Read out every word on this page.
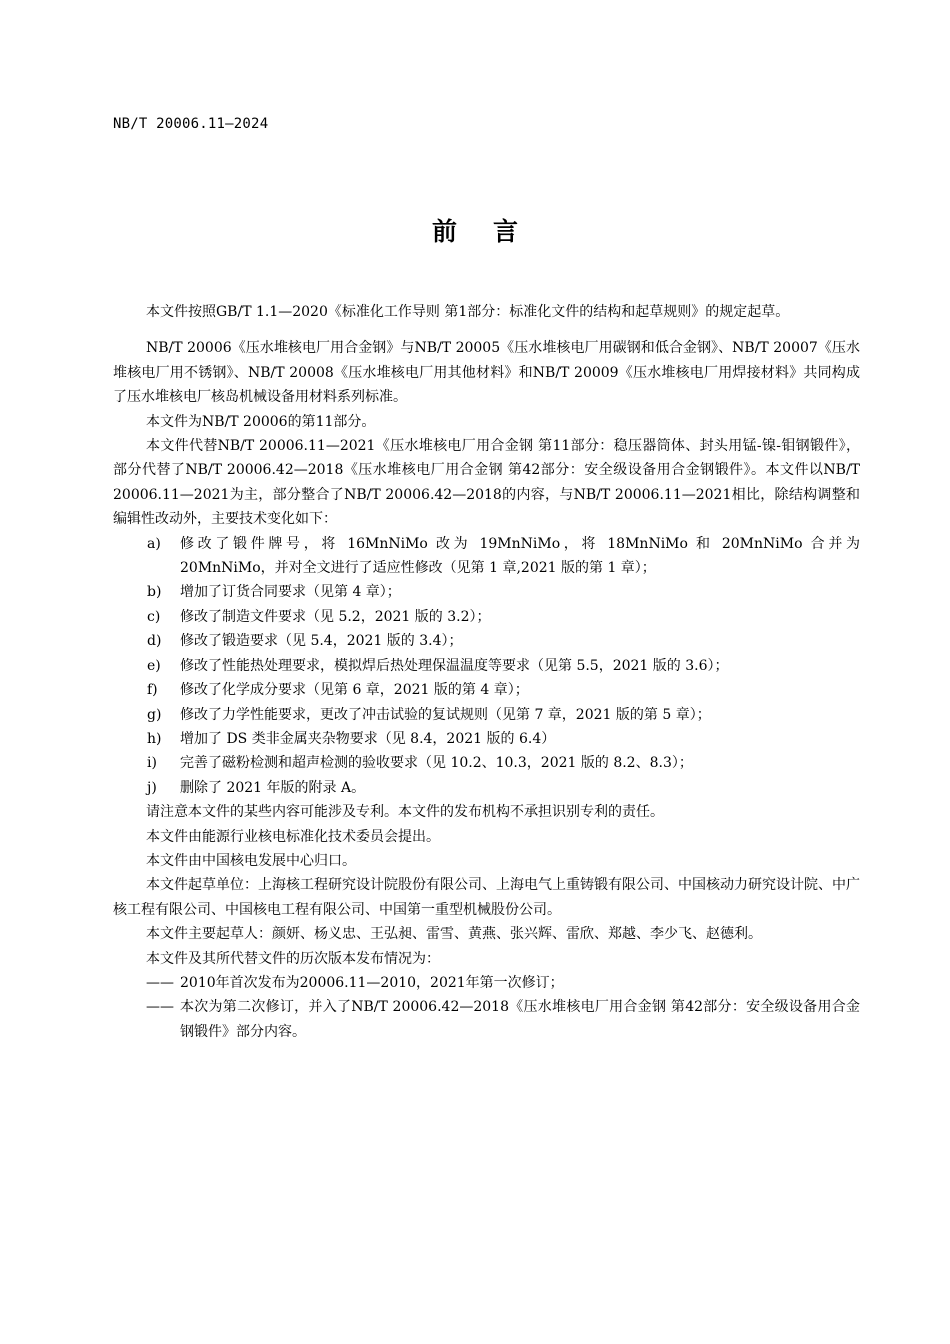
NB/T 20006.11—2024
前言

本文件按照GB/T 1.1—2020《标准化工作导则 第1部分：标准化文件的结构和起草规则》的规定起草。

NB/T 20006《压水堆核电厂用合金钢》与NB/T 20005《压水堆核电厂用碳钢和低合金钢》、NB/T 20007《压水堆核电厂用不锈钢》、NB/T 20008《压水堆核电厂用其他材料》和NB/T 20009《压水堆核电厂用焊接材料》共同构成了压水堆核电厂核岛机械设备用材料系列标准。

本文件为NB/T 20006的第11部分。

本文件代替NB/T 20006.11—2021《压水堆核电厂用合金钢 第11部分：稳压器筒体、封头用锰-镍-钼钢锻件》，部分代替了NB/T 20006.42—2018《压水堆核电厂用合金钢 第42部分：安全级设备用合金钢锻件》。本文件以NB/T 20006.11—2021为主，部分整合了NB/T 20006.42—2018的内容，与NB/T 20006.11—2021相比，除结构调整和编辑性改动外，主要技术变化如下：

a)	修改了锻件牌号，将 16MnNiMo 改为 19MnNiMo，将 18MnNiMo 和 20MnNiMo 合并为20MnNiMo，并对全文进行了适应性修改（见第 1 章,2021 版的第 1 章）；
b)	增加了订货合同要求（见第 4 章）；
c)	修改了制造文件要求（见 5.2，2021 版的 3.2）；
d)	修改了锻造要求（见 5.4，2021 版的 3.4）；
e)	修改了性能热处理要求，模拟焊后热处理保温温度等要求（见第 5.5，2021 版的 3.6）；
f)	修改了化学成分要求（见第 6 章，2021 版的第 4 章）；
g)	修改了力学性能要求，更改了冲击试验的复试规则（见第 7 章，2021 版的第 5 章）；
h)	增加了 DS 类非金属夹杂物要求（见 8.4，2021 版的 6.4）
i)	完善了磁粉检测和超声检测的验收要求（见 10.2、10.3，2021 版的 8.2、8.3）；
j)	删除了 2021 年版的附录 A。

请注意本文件的某些内容可能涉及专利。本文件的发布机构不承担识别专利的责任。

本文件由能源行业核电标准化技术委员会提出。

本文件由中国核电发展中心归口。

本文件起草单位：上海核工程研究设计院股份有限公司、上海电气上重铸锻有限公司、中国核动力研究设计院、中广核工程有限公司、中国核电工程有限公司、中国第一重型机械股份公司。

本文件主要起草人：颜妍、杨义忠、王弘昶、雷雪、黄燕、张兴辉、雷欣、郑越、李少飞、赵德利。

本文件及其所代替文件的历次版本发布情况为：

—— 2010年首次发布为20006.11—2010，2021年第一次修订；
—— 本次为第二次修订，并入了NB/T 20006.42—2018《压水堆核电厂用合金钢 第42部分：安全级设备用合金钢锻件》部分内容。
